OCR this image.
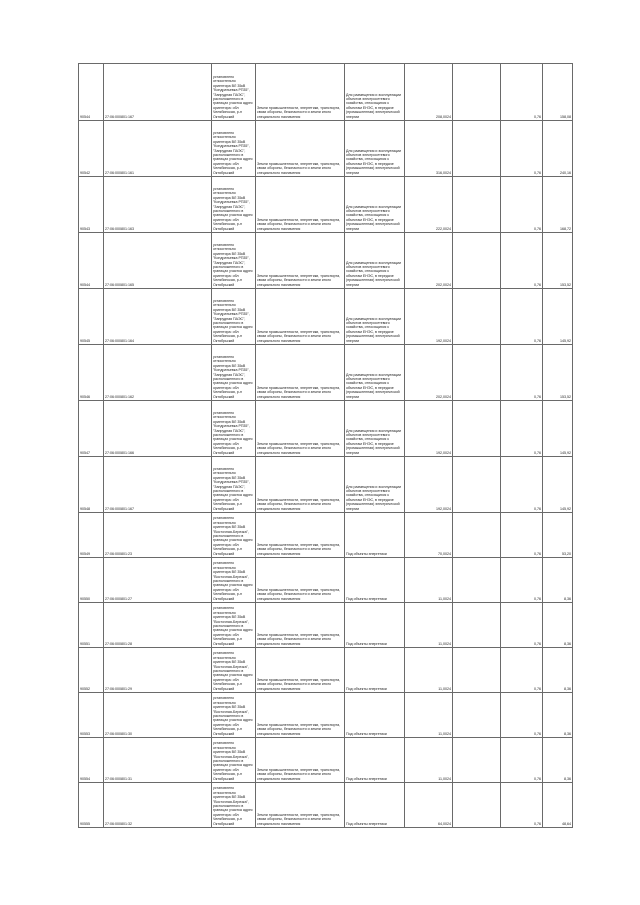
90544	27:06:000801:167	установлено относительно ориентира ВЛ 35кВ "Кондратьевка РП35", "Запрудная ПАЭС", расположенного в границах участка адрес ориентира: обл Челябинская, р-н Октябрьский	Земли промышленности, энергетики, транспорта, связи обороны, безопасности и земли иного специального назначения	Для размещения и эксплуатации объектов электросетевого хозяйства, относящихся к объектам ЕНЭС, в передаче (промышленная) электрической энергии	208,0024		0,76	158,08

90542	27:06:000801:161	установлено относительно ориентира ВЛ 35кВ "Кондратьевка РП35", "Запрудная ПАЭС", расположенного в границах участка адрес ориентира: обл Челябинская, р-н Октябрьский	Земли промышленности, энергетики, транспорта, связи обороны, безопасности и земли иного специального назначения	Для размещения и эксплуатации объектов электросетевого хозяйства, относящихся к объектам ЕНЭС, в передаче (промышленная) электрической энергии	316,0024		0,76	240,16

90543	27:06:000801:163	установлено относительно ориентира ВЛ 35кВ "Кондратьевка РП35", "Запрудная ПАЭС", расположенного в границах участка адрес ориентира: обл Челябинская, р-н Октябрьский	Земли промышленности, энергетики, транспорта, связи обороны, безопасности и земли иного специального назначения	Для размещения и эксплуатации объектов электросетевого хозяйства, относящихся к объектам ЕНЭС, в передаче (промышленная) электрической энергии	222,0024		0,76	168,72

90544	27:06:000801:165	установлено относительно ориентира ВЛ 35кВ "Кондратьевка РП35", "Запрудная ПАЭС", расположенного в границах участка адрес ориентира: обл Челябинская, р-н Октябрьский	Земли промышленности, энергетики, транспорта, связи обороны, безопасности и земли иного специального назначения	Для размещения и эксплуатации объектов электросетевого хозяйства, относящихся к объектам ЕНЭС, в передаче (промышленная) электрической энергии	202,0024		0,76	153,52

90545	27:06:000801:164	установлено относительно ориентира ВЛ 35кВ "Кондратьевка РП35", "Запрудная ПАЭС", расположенного в границах участка адрес ориентира: обл Челябинская, р-н Октябрьский	Земли промышленности, энергетики, транспорта, связи обороны, безопасности и земли иного специального назначения	Для размещения и эксплуатации объектов электросетевого хозяйства, относящихся к объектам ЕНЭС, в передаче (промышленная) электрической энергии	192,0024		0,76	145,92

90546	27:06:000801:162	установлено относительно ориентира ВЛ 35кВ "Кондратьевка РП35", "Запрудная ПАЭС", расположенного в границах участка адрес ориентира: обл Челябинская, р-н Октябрьский	Земли промышленности, энергетики, транспорта, связи обороны, безопасности и земли иного специального назначения	Для размещения и эксплуатации объектов электросетевого хозяйства, относящихся к объектам ЕНЭС, в передаче (промышленная) электрической энергии	202,0024		0,76	153,52

90547	27:06:000801:166	установлено относительно ориентира ВЛ 35кВ "Кондратьевка РП35", "Запрудная ПАЭС", расположенного в границах участка адрес ориентира: обл Челябинская, р-н Октябрьский	Земли промышленности, энергетики, транспорта, связи обороны, безопасности и земли иного специального назначения	Для размещения и эксплуатации объектов электросетевого хозяйства, относящихся к объектам ЕНЭС, в передаче (промышленная) электрической энергии	192,0024		0,76	145,92

90548	27:06:000801:167	установлено относительно ориентира ВЛ 35кВ "Кондратьевка РП35", "Запрудная ПАЭС", расположенного в границах участка адрес ориентира: обл Челябинская, р-н Октябрьский	Земли промышленности, энергетики, транспорта, связи обороны, безопасности и земли иного специального назначения	Для размещения и эксплуатации объектов электросетевого хозяйства, относящихся к объектам ЕНЭС, в передаче (промышленная) электрической энергии	192,0024		0,76	145,92

90549	27:06:000801:23	установлено относительно ориентира ВЛ 35кВ "Восточная-Березка", расположенного в границах участка адрес ориентира: обл Челябинская, р-н Октябрьский	Земли промышленности, энергетики, транспорта, связи обороны, безопасности и земли иного специального назначения	Под объекты энергетики	70,0024		0,76	53,20

90550	27:06:000801:27	установлено относительно ориентира ВЛ 35кВ "Восточная-Березка", расположенного в границах участка адрес ориентира: обл Челябинская, р-н Октябрьский	Земли промышленности, энергетики, транспорта, связи обороны, безопасности и земли иного специального назначения	Под объекты энергетики	11,0024		0,76	8,36

90551	27:06:000801:28	установлено относительно ориентира ВЛ 35кВ "Восточная-Березка", расположенного в границах участка адрес ориентира: обл Челябинская, р-н Октябрьский	Земли промышленности, энергетики, транспорта, связи обороны, безопасности и земли иного специального назначения	Под объекты энергетики	11,0024		0,76	8,36

90552	27:06:000801:29	установлено относительно ориентира ВЛ 35кВ "Восточная-Березка", расположенного в границах участка адрес ориентира: обл Челябинская, р-н Октябрьский	Земли промышленности, энергетики, транспорта, связи обороны, безопасности и земли иного специального назначения	Под объекты энергетики	11,0024		0,76	8,36

90553	27:06:000801:30	установлено относительно ориентира ВЛ 35кВ "Восточная-Березка", расположенного в границах участка адрес ориентира: обл Челябинская, р-н Октябрьский	Земли промышленности, энергетики, транспорта, связи обороны, безопасности и земли иного специального назначения	Под объекты энергетики	11,0024		0,76	8,36

90554	27:06:000801:31	установлено относительно ориентира ВЛ 35кВ "Восточная-Березка", расположенного в границах участка адрес ориентира: обл Челябинская, р-н Октябрьский	Земли промышленности, энергетики, транспорта, связи обороны, безопасности и земли иного специального назначения	Под объекты энергетики	11,0024		0,76	8,36

90555	27:06:000801:32	установлено относительно ориентира ВЛ 35кВ "Восточная-Березка", расположенного в границах участка адрес ориентира: обл Челябинская, р-н Октябрьский	Земли промышленности, энергетики, транспорта, связи обороны, безопасности и земли иного специального назначения	Под объекты энергетики	64,0024		0,76	48,64
